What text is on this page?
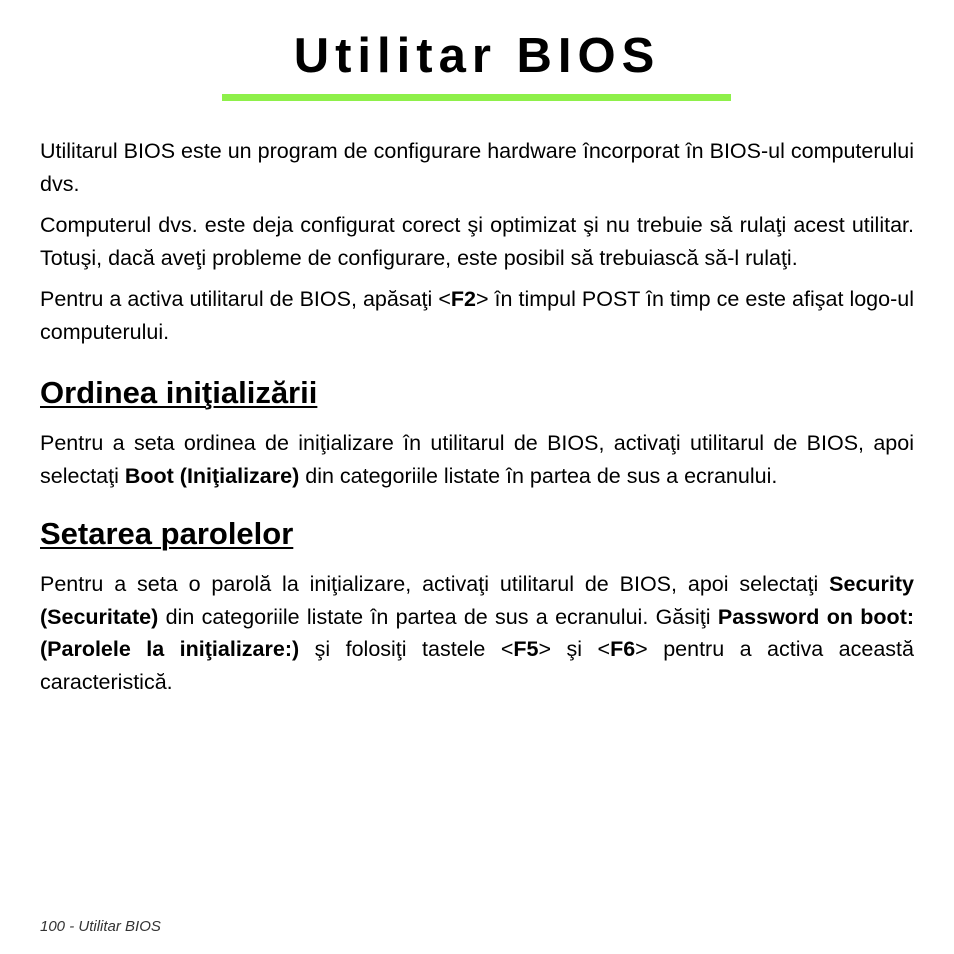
Utilitar BIOS

Utilitarul BIOS este un program de configurare hardware încorporat în BIOS-ul computerului dvs.

Computerul dvs. este deja configurat corect şi optimizat şi nu trebuie să rulaţi acest utilitar. Totuşi, dacă aveţi probleme de configurare, este posibil să trebuiască să-l rulaţi.

Pentru a activa utilitarul de BIOS, apăsaţi <F2> în timpul POST în timp ce este afişat logo-ul computerului.

Ordinea iniţializării

Pentru a seta ordinea de iniţializare în utilitarul de BIOS, activaţi utilitarul de BIOS, apoi selectaţi Boot (Iniţializare) din categoriile listate în partea de sus a ecranului.

Setarea parolelor

Pentru a seta o parolă la iniţializare, activaţi utilitarul de BIOS, apoi selectaţi Security (Securitate) din categoriile listate în partea de sus a ecranului. Găsiţi Password on boot: (Parolele la iniţializare:) şi folosiţi tastele <F5> şi <F6> pentru a activa această caracteristică.

100 - Utilitar BIOS
